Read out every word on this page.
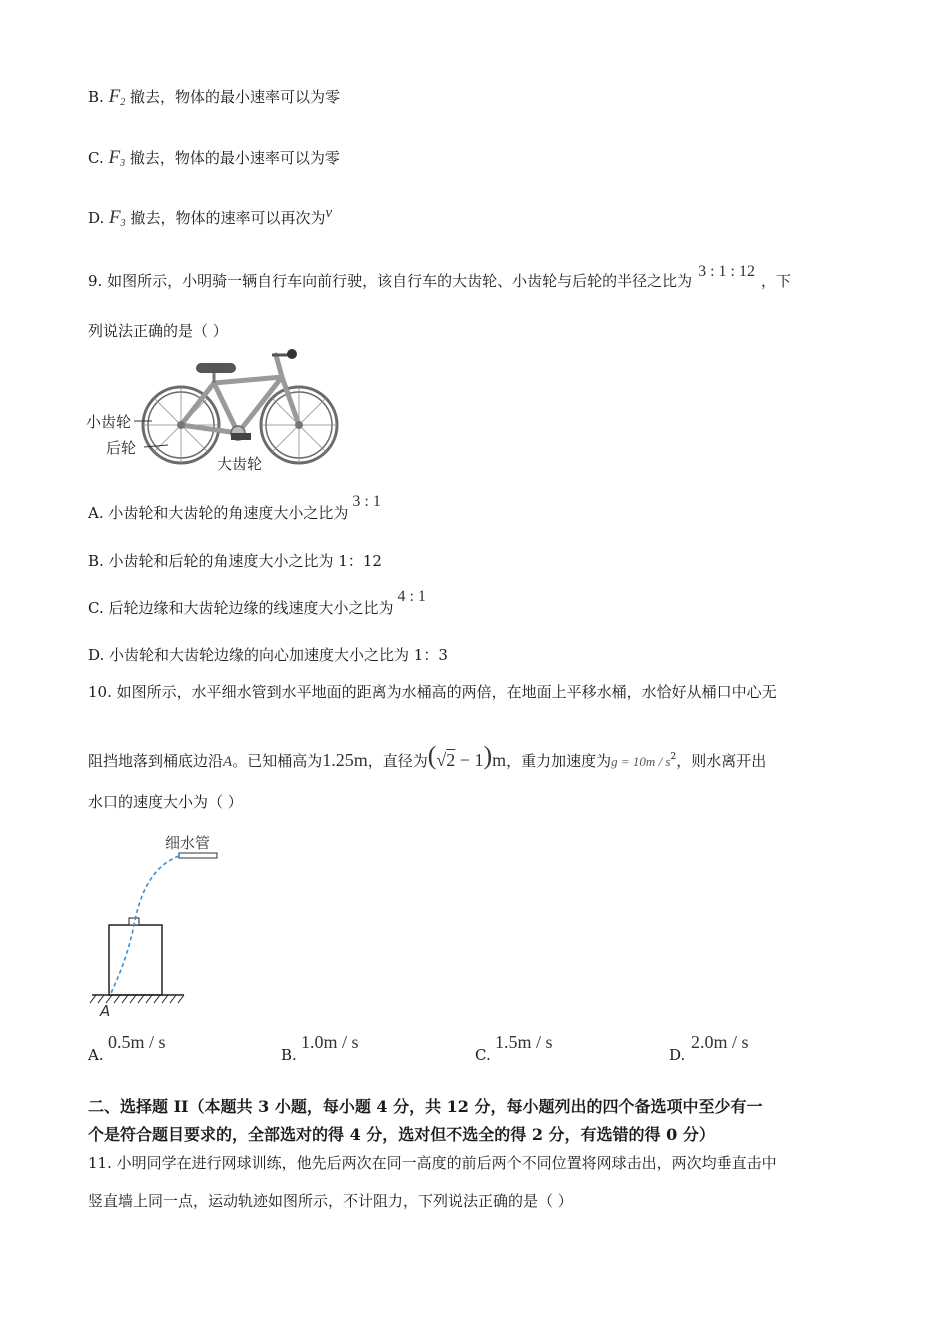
B. F2 撤去，物体的最小速率可以为零
C. F3 撤去，物体的最小速率可以为零
D. F3 撤去，物体的速率可以再次为v
9. 如图所示，小明骑一辆自行车向前行驶，该自行车的大齿轮、小齿轮与后轮的半径之比为3 : 1 : 12，下
列说法正确的是（ ）
小齿轮
后轮
大齿轮
A. 小齿轮和大齿轮的角速度大小之比为3 : 1
B. 小齿轮和后轮的角速度大小之比为 1：12
C. 后轮边缘和大齿轮边缘的线速度大小之比为4 : 1
D. 小齿轮和大齿轮边缘的向心加速度大小之比为 1：3
10. 如图所示，水平细水管到水平地面的距离为水桶高的两倍，在地面上平移水桶，水恰好从桶口中心无
阻挡地落到桶底边沿A。已知桶高为1.25m，直径为(√2 − 1)m，重力加速度为$g = 10m / s^2$，则水离开出
水口的速度大小为（ ）
细水管
A
A.
0.5m / s
B.
1.0m / s
C.
1.5m / s
D.
2.0m / s
二、选择题 II（本题共 3 小题，每小题 4 分，共 12 分，每小题列出的四个备选项中至少有一
个是符合题目要求的，全部选对的得 4 分，选对但不选全的得 2 分，有选错的得 0 分）
11. 小明同学在进行网球训练，他先后两次在同一高度的前后两个不同位置将网球击出，两次均垂直击中
竖直墙上同一点，运动轨迹如图所示，不计阻力，下列说法正确的是（ ）
